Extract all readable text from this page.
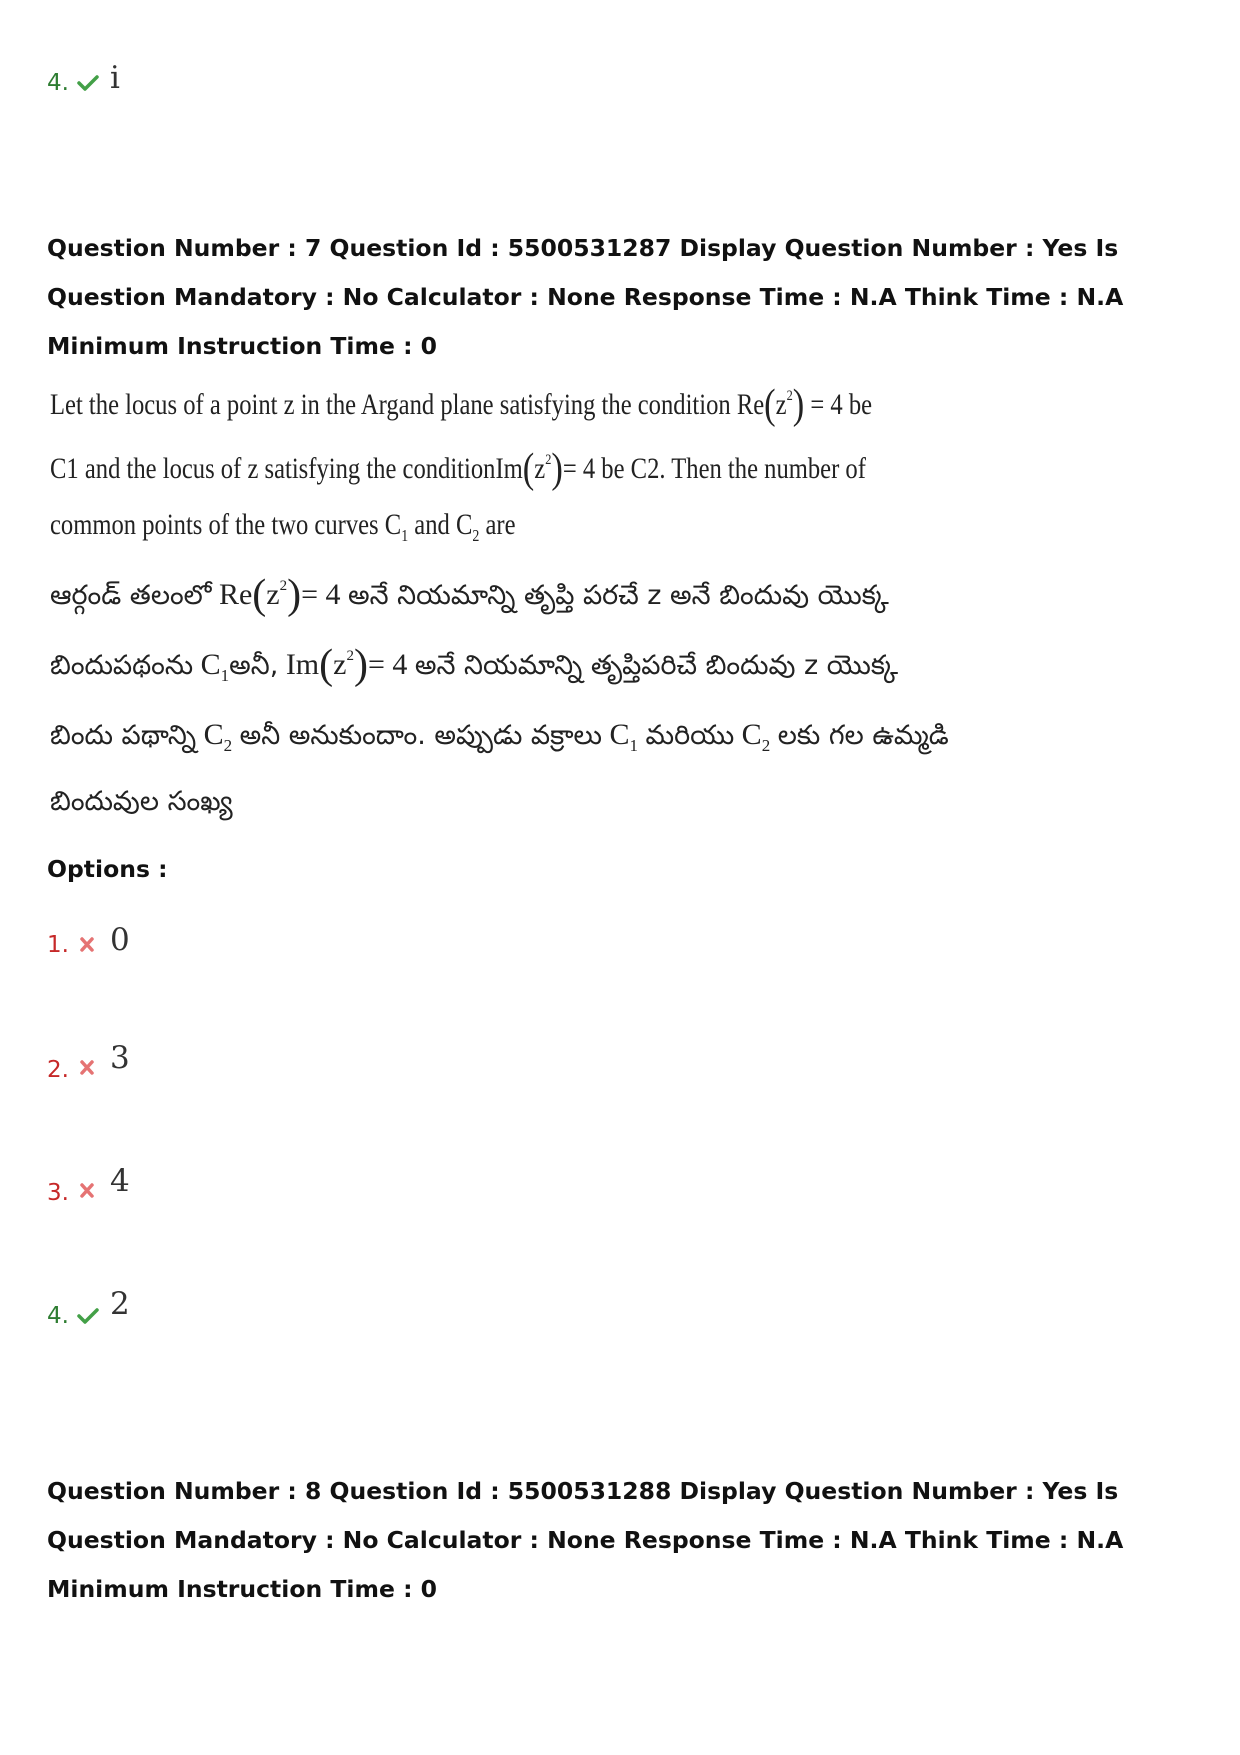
4. i
Question Number : 7 Question Id : 5500531287 Display Question Number : Yes Is Question Mandatory : No Calculator : None Response Time : N.A Think Time : N.A Minimum Instruction Time : 0
Let the locus of a point z in the Argand plane satisfying the condition $Re(z^2) = 4$ be
C1 and the locus of z satisfying the $conditionIm(z^2)= 4$ be C2. Then the number of
common points of the two curves $C_1$ and $C_2$ are
ఆర్గండ్ తలంలో $Re(z^2)= 4$ అనే నియమాన్ని తృప్తి పరచే z అనే బిందువు యొక్క
బిందుపథంను $C_1అనీ$, $Im(z^2)= 4$ అనే నియమాన్ని తృప్తిపరిచే బిందువు z యొక్క
బిందు పథాన్ని $C_2$ అనీ అనుకుందాం. అప్పుడు వక్రాలు $C_1$ మరియు $C_2$ లకు గల ఉమ్మడి
బిందువుల సంఖ్య
Options :
1. 0
2. 3
3. 4
4. 2
Question Number : 8 Question Id : 5500531288 Display Question Number : Yes Is Question Mandatory : No Calculator : None Response Time : N.A Think Time : N.A Minimum Instruction Time : 0
